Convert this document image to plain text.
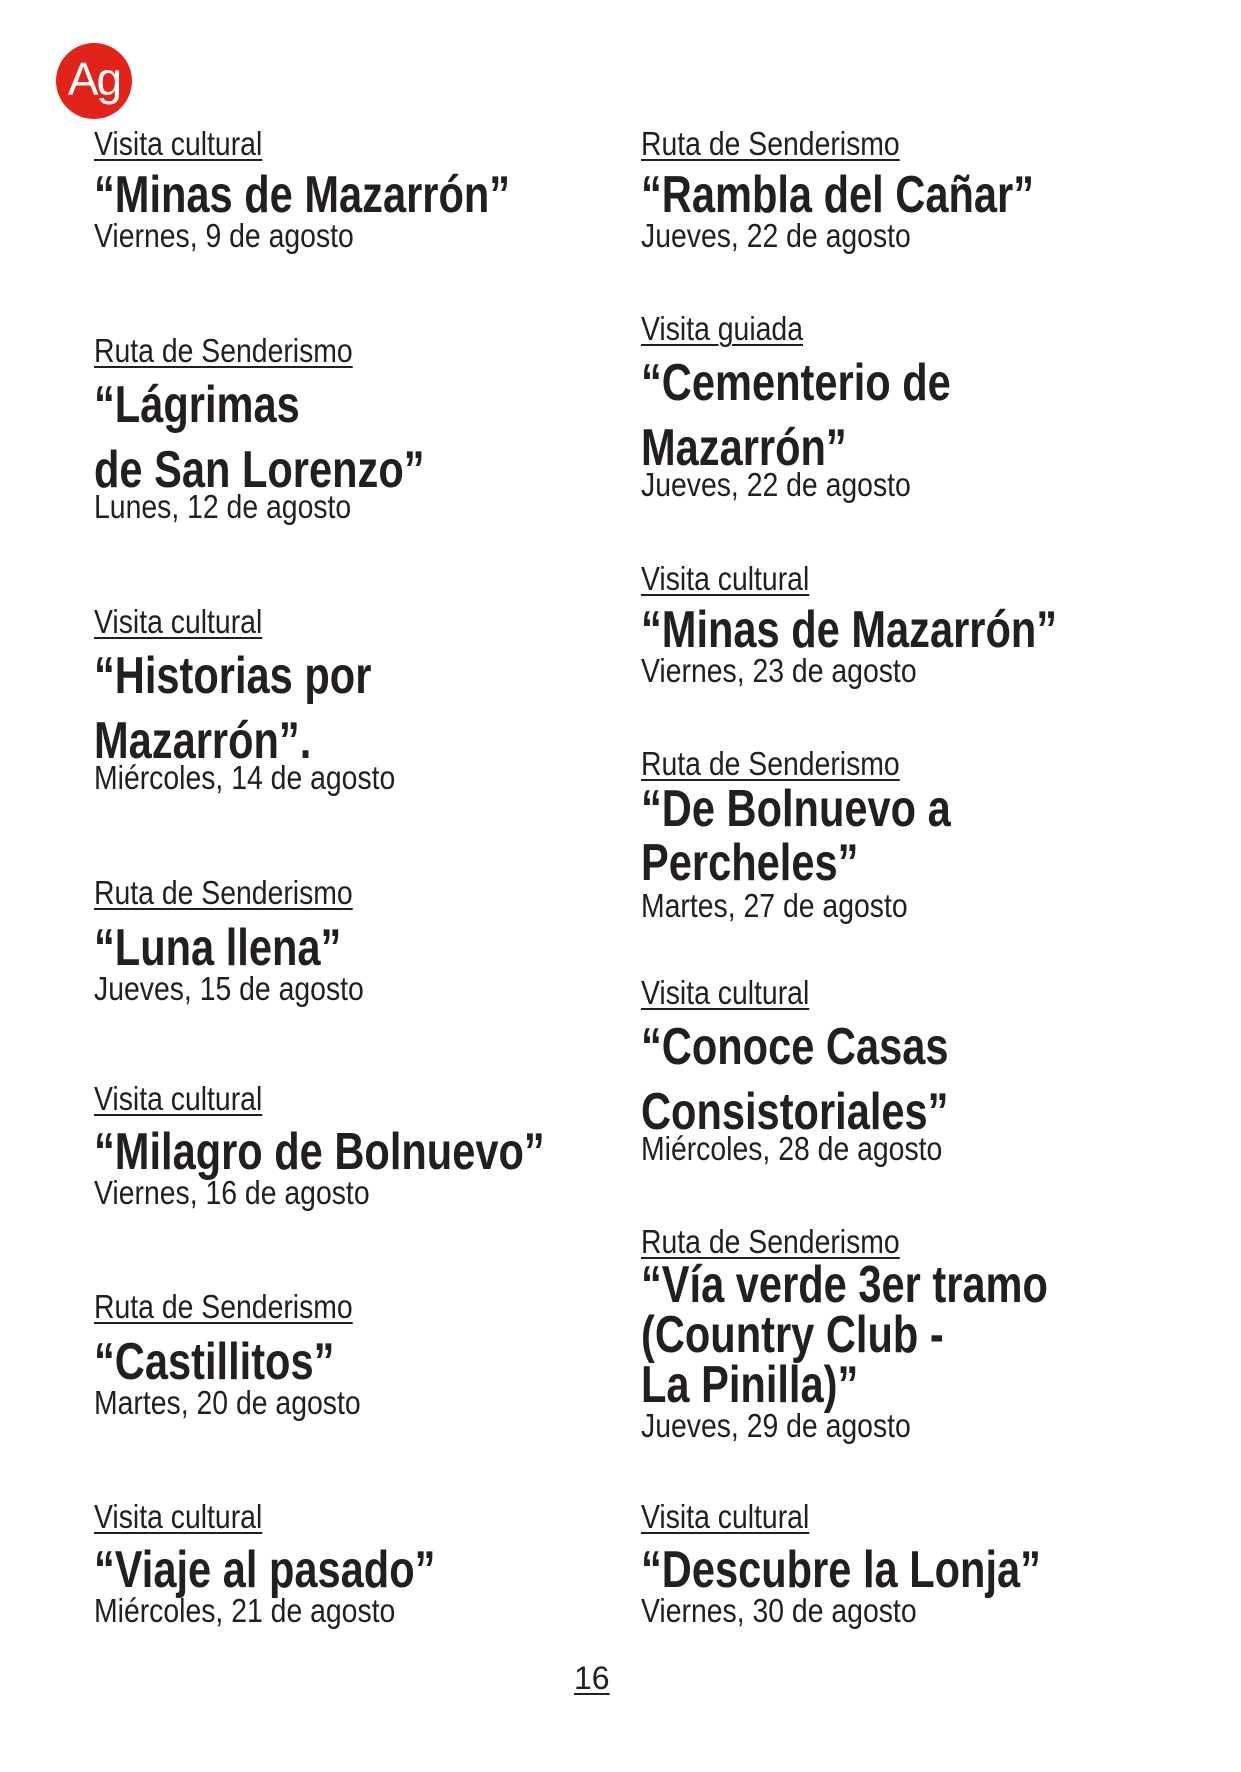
Ag
Visita cultural
“Minas de Mazarrón”
Viernes, 9 de agosto
Ruta de Senderismo
“Lágrimas
de San Lorenzo”
Lunes, 12 de agosto
Visita cultural
“Historias por
Mazarrón”.
Miércoles, 14 de agosto
Ruta de Senderismo
“Luna llena”
Jueves, 15 de agosto
Visita cultural
“Milagro de Bolnuevo”
Viernes, 16 de agosto
Ruta de Senderismo
“Castillitos”
Martes, 20 de agosto
Visita cultural
“Viaje al pasado”
Miércoles, 21 de agosto
Ruta de Senderismo
“Rambla del Cañar”
Jueves, 22 de agosto
Visita guiada
“Cementerio de
Mazarrón”
Jueves, 22 de agosto
Visita cultural
“Minas de Mazarrón”
Viernes, 23 de agosto
Ruta de Senderismo
“De Bolnuevo a
Percheles”
Martes, 27 de agosto
Visita cultural
“Conoce Casas
Consistoriales”
Miércoles, 28 de agosto
Ruta de Senderismo
“Vía verde 3er tramo
(Country Club -
La Pinilla)”
Jueves, 29 de agosto
Visita cultural
“Descubre la Lonja”
Viernes, 30 de agosto
16
